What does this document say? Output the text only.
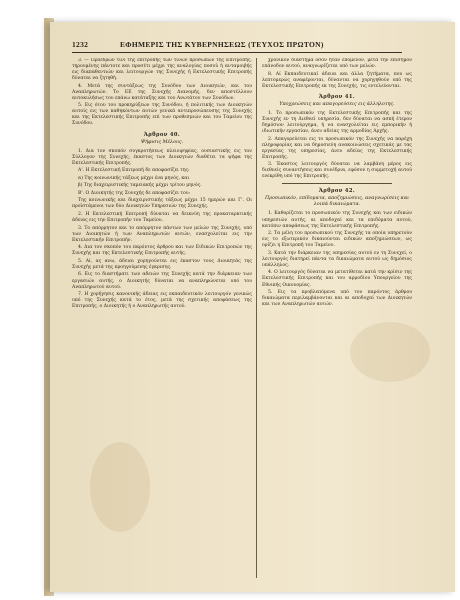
1232	ΕΦΗΜΕΡΙΣ ΤΗΣ ΚΥΒΕΡΝΗΣΕΩΣ (ΤΕΥΧΟΣ ΠΡΩΤΟΝ)

3. — Προέδρων τινί της επιτροπής των τινών προσώπων της Επιτροπής, τηρουμένης πάντοτε και προσέτι μέχρι της αναλογίας ποσού ή ανταμοιβής εις διαπαθεντιών και λειτουργών της Συνεχής ή Εκτελεστικής Επιτροπής δύναται να ζητηθή.

4. Μετά της συντάξεως της Συνόδου των Διοικητών, και του Αναπληρωτών. Το ΕΕ της Συνεχής Διανομής, δεν αποστέλλουν αυτοκυλήσως του επάνω κατάταξης και του Ανωτάτου των Συνόδων.

5. Εις ότου του προκηρύξεων της Συνόδου, ή πολιτικής των Διοικητών αυτοίς εις των καθηκόντων αυτών γενικά αντιπροσώπευσης της Συνεχής και της Εκτελεστικής Επιτροπής επί των προθεσμιών και του Ταμείου της Συνόδου.

Άρθρον 40.
Ψήφισις Μέλους.

1. Δια τον σκοπόν συγκροτήσεως πλειοψηφίας, ουσιαστικής εις τον Σύλλογον της Συνεχής, έκαστος των Διοικητών διαθέτει τα ψήφα της Εκτελεστικής Επιτροπής.

Α'. Η Εκτελεστική Επιτροπή δε αποφασίζει της:

α) Της κοινωνικής τάξεως μέχρι ένα μηνός, και

β) Της διαχειριστικής ταμειακής μέχρι τρίτου μηνός.

Β'. Ο Διοικητής της Συνεχής δε αποφασίζει του:

Της κοινωνικής και διαχειριστικής τάξεως μέχρι 15 ημερών και Γ'. Οι προϊστάμενοι των δύο Διοικητών Υπηρεσιών της Συνεχής.

2. Η Εκτελεστική Επιτροπή δύναται να δεικνύη της προκαταρκτικής άδειας εις την Επιτροπήν του Ταμείου.

3. Το απόρρητον και το απόρρητον πάντων των μελών της Συνεχής, υπό των Διοικητών ή των Αναπληρωτών αυτών, ενασχολείται εις την Εκτελεστικήν Επιτροπήν.

4. Δια τον σκοπόν του παρόντος άρθρου και των Ειδικών Επιτροπών της Συνεχής και της Εκτελεστικής Επιτροπής αυτής.

5. Αί, ας ανω, άδειαι χορηγούνται εις έκαστον τους Διοικητάς της Συνεχής μετά της προηγούμενης έγκρισης.

6. Εις το διαστήματι των αδειών της Συνεχής κατά την διάρκειαν των εργασιών αυτής, ο Διοικητής δύναται να αναπληρώνεται υπό του Αναπληρωτού αυτού.

7. Η χορήγησις κανονικής άδειας εις εκπαιδευτικόν λειτουργόν γενικώς υπό της Συνεχής κατά το έτος, μετά της σχετικής αποφάσεως της Επιτροπής, ο Διοικητής ή ο Αναπληρωτής αυτού.

χρονικόν διάστημα όσον ήταν επόμενον, μετά την επίσημον επάνοδον αυτού, αναγνωρίζεται υπό των μελών.

8. Αί Εκπαιδευτικαί άδειαι και άλλα ζητήματα, που ως λεπτομερώς αναφέρονται, δύνανται να χορηγηθούν υπό της Εκτελεστικής Επιτροπής εκ της Συνεχής, τις εντελεύονται.

Άρθρον 41.
Υποχρεώσεις και απαγορεύσεις εις άλληλοτης.

1. Το προσωπικόν της Εκτελεστικής Επιτροπής και της Συνεχής εν τη Διεθνεί υπηρεσία, δεν δύναται να ασκή έτερον δημόσιον λειτούργημα, ή να ενασχολείται εις εμπορικήν ή ιδιωτικήν εργασίαν, άνευ αδείας της αρμοδίας Αρχής.

2. Απαγορεύεται εις το προσωπικόν της Συνεχής να παρέχη πληροφορίας και να δημοσιεύη ανακοινώσεις σχετικάς με τας εργασίας της υπηρεσίας, άνευ αδείας της Εκτελεστικής Επιτροπής.

3. Έκαστος λειτουργός δύναται να λαμβάνη μέρος εις διεθνείς συναντήσεις και συνέδρια, εφόσον η συμμετοχή αυτού ενεκρίθη υπό της Επιτροπής.

Άρθρον 42.
Προσωπικόν, επίδοματα, αποζημιώσεις, αναγνωρίσεις και λοιπά δικαιώματα.

1. Καθορίζεται το προσωπικόν της Συνεχής και των ειδικών υπηρεσιών αυτής, αι αποδοχαί και τα επιδόματα αυτού, κατόπιν αποφάσεως της Εκτελεστικής Επιτροπής.

2. Τα μέλη του προσωπικού της Συνεχής τα οποία υπηρετούν εις το εξωτερικόν δικαιούνται ειδικών αποζημιώσεων, ως ορίζει η Επιτροπή του Ταμείου.

3. Κατά την διάρκειαν της υπηρεσίας αυτού εν τη Συνεχεί, ο λειτουργός διατηρεί πάντα τα δικαιώματα αυτού ως δημόσιος υπάλληλος.

4. Ο λειτουργός δύναται να μετατίθεται κατά την κρίσιν της Εκτελεστικής Επιτροπής και του αρμοδίου Υπουργείου της Εθνικής Οικονομίας.

5. Εις τα προβλεπόμενα υπό του παρόντος άρθρου δικαιώματα περιλαμβάνονται και αι αποδοχαί των Διοικητών και των Αναπληρωτών αυτών.
